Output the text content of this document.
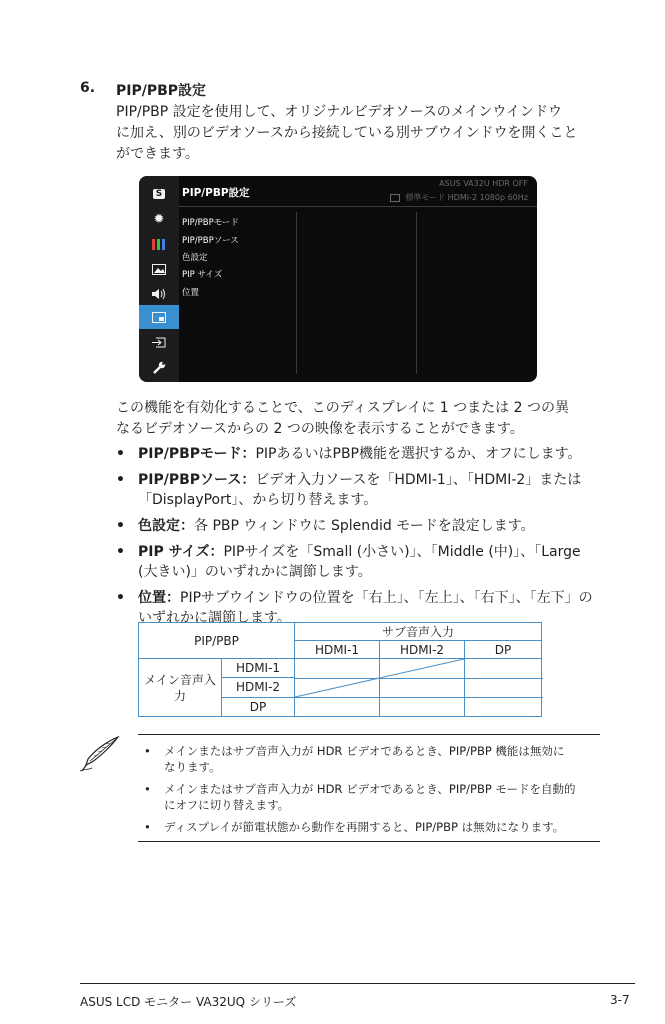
6. PIP/PBP設定
PIP/PBP 設定を使用して、オリジナルビデオソースのメインウインドウ
に加え、別のビデオソースから接続している別サブウインドウを開くこと
ができます。
S
✹
PIP/PBP設定
ASUS VA32U HDR OFF
標準モード HDMI-2 1080p 60Hz
PIP/PBPモード
PIP/PBPソース
色設定
PIP サイズ
位置
この機能を有効化することで、このディスプレイに 1 つまたは 2 つの異
なるビデオソースからの 2 つの映像を表示することができます。
• PIP/PBPモード：PIPあるいはPBP機能を選択するか、オフにします。
• PIP/PBPソース：ビデオ入力ソースを「HDMI-1」、「HDMI-2」または
「DisplayPort」、から切り替えます。
• 色設定：各 PBP ウィンドウに Splendid モードを設定します。
• PIP サイズ：PIPサイズを「Small (小さい)」、「Middle (中)」、「Large
(大きい)」のいずれかに調節します。
• 位置：PIPサブウインドウの位置を「右上」、「左上」、「右下」、「左下」の
いずれかに調節します。
PIP/PBP		サブ音声入力		
		HDMI-1	HDMI-2	DP

メイン音声入
力	HDMI-1	

	HDMI-2			
	DP			
• メインまたはサブ音声入力が HDR ビデオであるとき、PIP/PBP 機能は無効に
なります。
• メインまたはサブ音声入力が HDR ビデオであるとき、PIP/PBP モードを自動的
にオフに切り替えます。
• ディスプレイが節電状態から動作を再開すると、PIP/PBP は無効になります。
ASUS LCD モニター VA32UQ シリーズ	3-7
